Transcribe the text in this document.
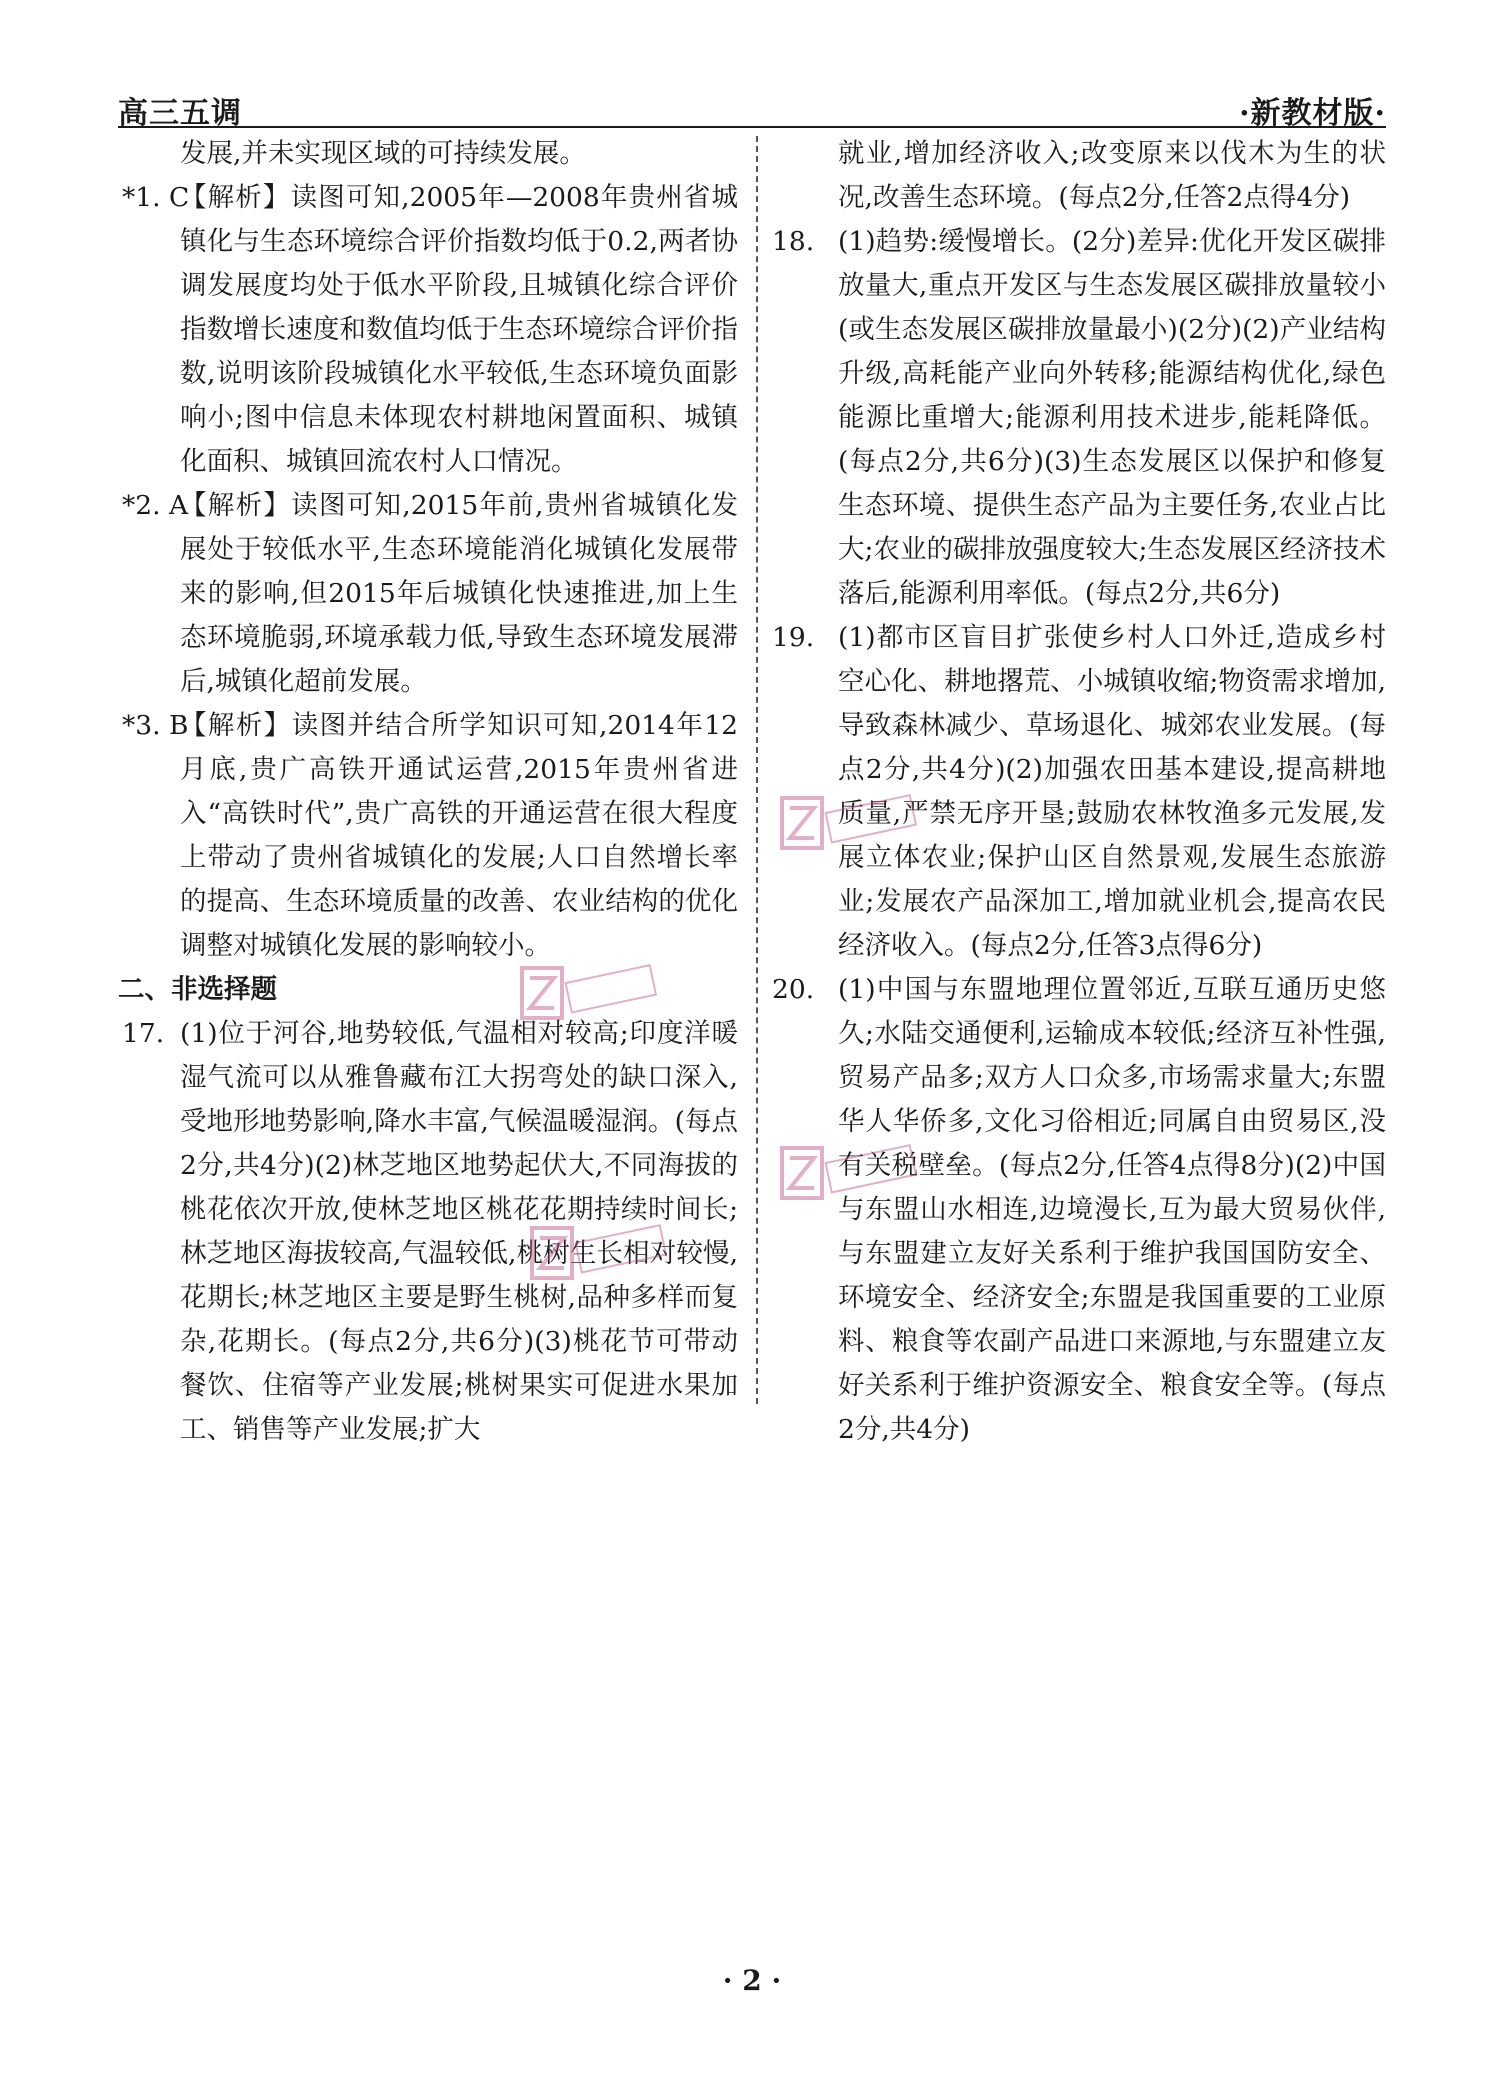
高三五调	·新教材版·

发展,并未实现区域的可持续发展。

*1. C
【解析】读图可知,2005年—2008年贵州省城镇化与生态环境综合评价指数均低于0.2,两者协调发展度均处于低水平阶段,且城镇化综合评价指数增长速度和数值均低于生态环境综合评价指数,说明该阶段城镇化水平较低,生态环境负面影响小;图中信息未体现农村耕地闲置面积、城镇化面积、城镇回流农村人口情况。

*2. A
【解析】读图可知,2015年前,贵州省城镇化发展处于较低水平,生态环境能消化城镇化发展带来的影响,但2015年后城镇化快速推进,加上生态环境脆弱,环境承载力低,导致生态环境发展滞后,城镇化超前发展。

*3. B
【解析】读图并结合所学知识可知,2014年12月底,贵广高铁开通试运营,2015年贵州省进入“高铁时代”,贵广高铁的开通运营在很大程度上带动了贵州省城镇化的发展;人口自然增长率的提高、生态环境质量的改善、农业结构的优化调整对城镇化发展的影响较小。

二、非选择题

17. (1)位于河谷,地势较低,气温相对较高;印度洋暖湿气流可以从雅鲁藏布江大拐弯处的缺口深入,受地形地势影响,降水丰富,气候温暖湿润。(每点2分,共4分)(2)林芝地区地势起伏大,不同海拔的桃花依次开放,使林芝地区桃花花期持续时间长;林芝地区海拔较高,气温较低,桃树生长相对较慢,花期长;林芝地区主要是野生桃树,品种多样而复杂,花期长。(每点2分,共6分)(3)桃花节可带动餐饮、住宿等产业发展;桃树果实可促进水果加工、销售等产业发展;扩大

就业,增加经济收入;改变原来以伐木为生的状况,改善生态环境。(每点2分,任答2点得4分)

18. (1)趋势:缓慢增长。(2分)差异:优化开发区碳排放量大,重点开发区与生态发展区碳排放量较小(或生态发展区碳排放量最小)(2分)(2)产业结构升级,高耗能产业向外转移;能源结构优化,绿色能源比重增大;能源利用技术进步,能耗降低。(每点2分,共6分)(3)生态发展区以保护和修复生态环境、提供生态产品为主要任务,农业占比大;农业的碳排放强度较大;生态发展区经济技术落后,能源利用率低。(每点2分,共6分)

19. (1)都市区盲目扩张使乡村人口外迁,造成乡村空心化、耕地撂荒、小城镇收缩;物资需求增加,导致森林减少、草场退化、城郊农业发展。(每点2分,共4分)(2)加强农田基本建设,提高耕地质量,严禁无序开垦;鼓励农林牧渔多元发展,发展立体农业;保护山区自然景观,发展生态旅游业;发展农产品深加工,增加就业机会,提高农民经济收入。(每点2分,任答3点得6分)

20. (1)中国与东盟地理位置邻近,互联互通历史悠久;水陆交通便利,运输成本较低;经济互补性强,贸易产品多;双方人口众多,市场需求量大;东盟华人华侨多,文化习俗相近;同属自由贸易区,没有关税壁垒。(每点2分,任答4点得8分)(2)中国与东盟山水相连,边境漫长,互为最大贸易伙伴,与东盟建立友好关系利于维护我国国防安全、环境安全、经济安全;东盟是我国重要的工业原料、粮食等农副产品进口来源地,与东盟建立友好关系利于维护资源安全、粮食安全等。(每点2分,共4分)

· 2 ·
